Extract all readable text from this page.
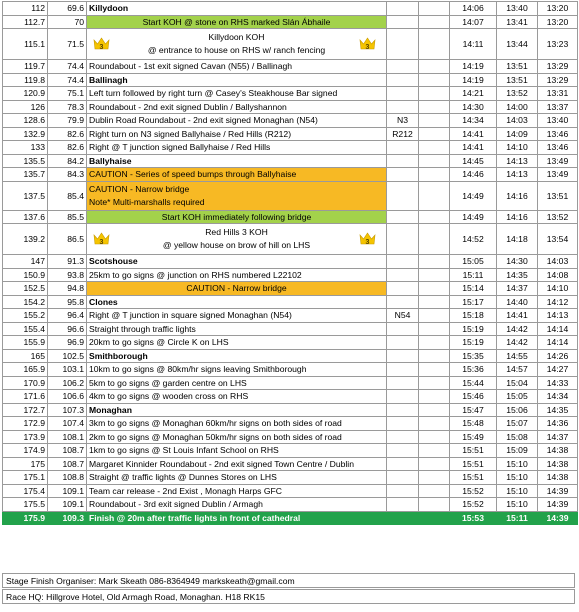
112	69.6	Killydoon			14:06	13:40	13:20
112.7	70	Start KOH @ stone on RHS marked Slán Ábhaile			14:07	13:41	13:20
115.1	71.5	Killydoon KOH
@ entrance to house on RHS w/ ranch fencing
3 3			14:11	13:44	13:23
119.7	74.4	Roundabout - 1st exit signed Cavan (N55) / Ballinagh			14:19	13:51	13:29
119.8	74.4	Ballinagh			14:19	13:51	13:29
120.9	75.1	Left turn followed by right turn @ Casey's Steakhouse Bar signed			14:21	13:52	13:31
126	78.3	Roundabout - 2nd exit signed Dublin / Ballyshannon			14:30	14:00	13:37
128.6	79.9	Dublin Road Roundabout - 2nd exit signed Monaghan (N54)	N3		14:34	14:03	13:40
132.9	82.6	Right turn on N3 signed Ballyhaise / Red Hills (R212)	R212		14:41	14:09	13:46
133	82.6	Right @ T junction signed Ballyhaise / Red Hills			14:41	14:10	13:46
135.5	84.2	Ballyhaise			14:45	14:13	13:49
135.7	84.3	CAUTION - Series of speed bumps through Ballyhaise			14:46	14:13	13:49
137.5	85.4	CAUTION - Narrow bridge
Note* Multi-marshalls required			14:49	14:16	13:51
137.6	85.5	Start KOH immediately following bridge			14:49	14:16	13:52
139.2	86.5	Red Hills 3 KOH
@ yellow house on brow of hill on LHS
3 3			14:52	14:18	13:54
147	91.3	Scotshouse			15:05	14:30	14:03
150.9	93.8	25km to go signs @ junction on RHS numbered L22102			15:11	14:35	14:08
152.5	94.8	CAUTION - Narrow bridge			15:14	14:37	14:10
154.2	95.8	Clones			15:17	14:40	14:12
155.2	96.4	Right @ T junction in square signed Monaghan (N54)	N54		15:18	14:41	14:13
155.4	96.6	Straight through traffic lights			15:19	14:42	14:14
155.9	96.9	20km to go signs @ Circle K on LHS			15:19	14:42	14:14
165	102.5	Smithborough			15:35	14:55	14:26
165.9	103.1	10km to go signs @ 80km/hr signs leaving Smithborough			15:36	14:57	14:27
170.9	106.2	5km to go signs @ garden centre on LHS			15:44	15:04	14:33
171.6	106.6	4km to go signs @ wooden cross on RHS			15:46	15:05	14:34
172.7	107.3	Monaghan			15:47	15:06	14:35
172.9	107.4	3km to go signs @ Monaghan 60km/hr signs on both sides of road			15:48	15:07	14:36
173.9	108.1	2km to go signs @ Monaghan 50km/hr signs on both sides of road			15:49	15:08	14:37
174.9	108.7	1km to go signs @ St Louis Infant School on RHS			15:51	15:09	14:38
175	108.7	Margaret Kinnider Roundabout - 2nd exit signed Town Centre / Dublin			15:51	15:10	14:38
175.1	108.8	Straight @ traffic lights @ Dunnes Stores on LHS			15:51	15:10	14:38
175.4	109.1	Team car release - 2nd Exist , Monagh Harps GFC			15:52	15:10	14:39
175.5	109.1	Roundabout - 3rd exit signed Dublin / Armagh			15:52	15:10	14:39
175.9	109.3	Finish @ 20m after traffic lights in front of cathedral			15:53	15:11	14:39
Stage Finish Organiser: Mark Skeath 086-8364949 markskeath@gmail.com
Race HQ: Hillgrove Hotel, Old Armagh Road, Monaghan. H18 RK15
